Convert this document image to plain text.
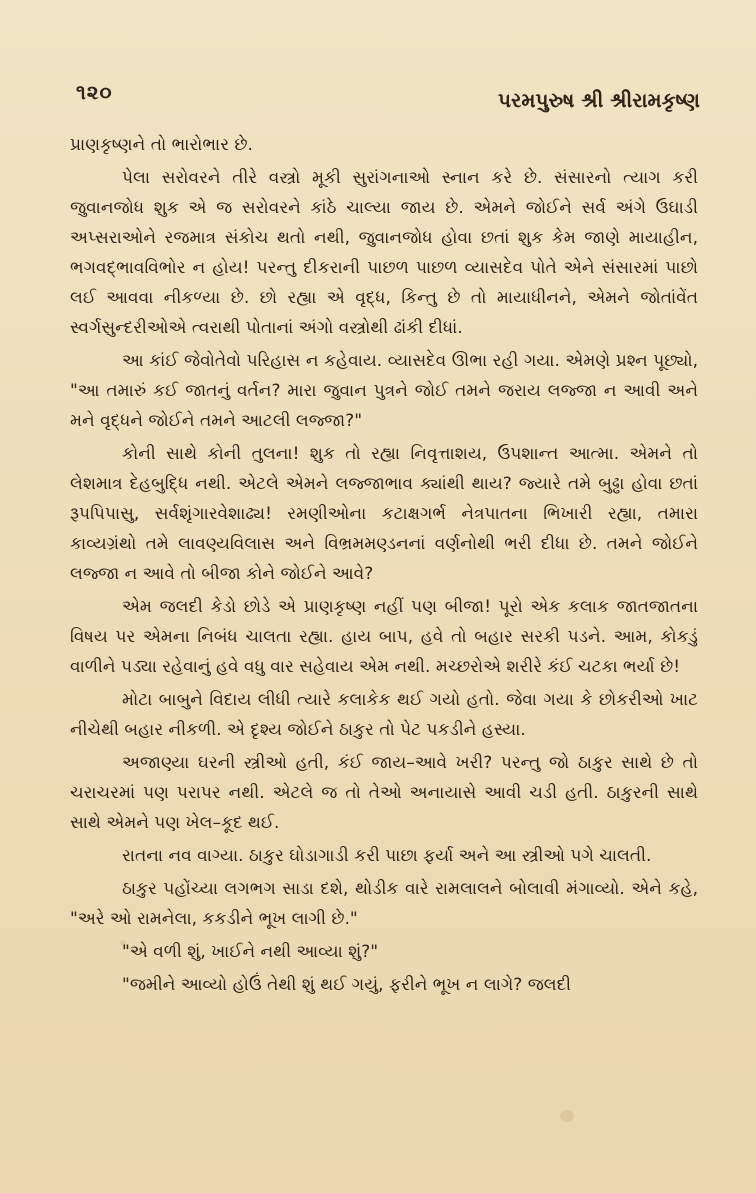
૧૨૦	પરમપુરુષ શ્રી શ્રીરામકૃષ્ણ

પ્રાણકૃષ્ણને તો ભારોભાર છે.

પેલા સરોવરને તીરે વસ્ત્રો મૂકી સુરાંગનાઓ સ્નાન કરે છે. સંસારનો ત્યાગ કરી જુવાનજોધ શુક એ જ સરોવરને કાંઠે ચાલ્યા જાય છે. એમને જોઈને સર્વ અંગે ઉઘાડી અપ્સરાઓને રજમાત્ર સંકોચ થતો નથી, જુવાનજોધ હોવા છતાં શુક કેમ જાણે માયાહીન, ભગવદ્‌ભાવવિભોર ન હોય! પરન્તુ દીકરાની પાછળ પાછળ વ્યાસદેવ પોતે એને સંસારમાં પાછો લઈ આવવા નીકળ્યા છે. છો રહ્યા એ વૃદ્ધ, કિન્તુ છે તો માયાધીનને, એમને જોતાંવેંત સ્વર્ગસુન્દરીઓએ ત્વરાથી પોતાનાં અંગો વસ્ત્રોથી ઢાંકી દીધાં.

આ કાંઈ જેવોતેવો પરિહાસ ન કહેવાય. વ્યાસદેવ ઊભા રહી ગયા. એમણે પ્રશ્ન પૂછ્યો, "આ તમારું કઈ જાતનું વર્તન? મારા જુવાન પુત્રને જોઈ તમને જરાય લજ્જા ન આવી અને મને વૃદ્ધને જોઈને તમને આટલી લજ્જા?"

કોની સાથે કોની તુલના! શુક તો રહ્યા નિવૃત્તાશય, ઉપશાન્ત આત્મા. એમને તો લેશમાત્ર દેહબુદ્ધિ નથી. એટલે એમને લજ્જાભાવ ક્યાંથી થાય? જ્યારે તમે બુઢ્ઢા હોવા છતાં રૂપપિપાસુ, સર્વશૃંગારવેશાઢ્ય! રમણીઓના કટાક્ષગર્ભ નેત્રપાતના ભિખારી રહ્યા, તમારા કાવ્યગ્રંથો તમે લાવણ્યવિલાસ અને વિભ્રમમણ્ડનનાં વર્ણનોથી ભરી દીધા છે. તમને જોઈને લજ્જા ન આવે તો બીજા કોને જોઈને આવે?

એમ જલદી કેડો છોડે એ પ્રાણકૃષ્ણ નહીં પણ બીજા! પૂરો એક કલાક જાતજાતના વિષય પર એમના નિબંધ ચાલતા રહ્યા. હાય બાપ, હવે તો બહાર સરકી પડને. આમ, કોકડું વાળીને પડ્યા રહેવાનું હવે વધુ વાર સહેવાય એમ નથી. મચ્છરોએ શરીરે કંઈ ચટકા ભર્યા છે!

મોટા બાબુને વિદાય લીધી ત્યારે કલાકેક થઈ ગયો હતો. જેવા ગયા કે છોકરીઓ ખાટ નીચેથી બહાર નીકળી. એ દૃશ્ય જોઈને ઠાકુર તો પેટ પકડીને હસ્યા.

અજાણ્યા ઘરની સ્ત્રીઓ હતી, કંઈ જાય–આવે ખરી? પરન્તુ જો ઠાકુર સાથે છે તો ચરાચરમાં પણ પરાપર નથી. એટલે જ તો તેઓ અનાયાસે આવી ચડી હતી. ઠાકુરની સાથે સાથે એમને પણ ખેલ–કૂદ થઈ.

રાતના નવ વાગ્યા. ઠાકુર ઘોડાગાડી કરી પાછા ફર્યા અને આ સ્ત્રીઓ પગે ચાલતી.

ઠાકુર પહોંચ્યા લગભગ સાડા દશે, થોડીક વારે રામલાલને બોલાવી મંગાવ્યો. એને કહે, "અરે ઓ રામનેલા, કકડીને ભૂખ લાગી છે."

"એ વળી શું, ખાઈને નથી આવ્યા શું?"

"જમીને આવ્યો હોઉં તેથી શું થઈ ગયું, ફરીને ભૂખ ન લાગે? જલદી
